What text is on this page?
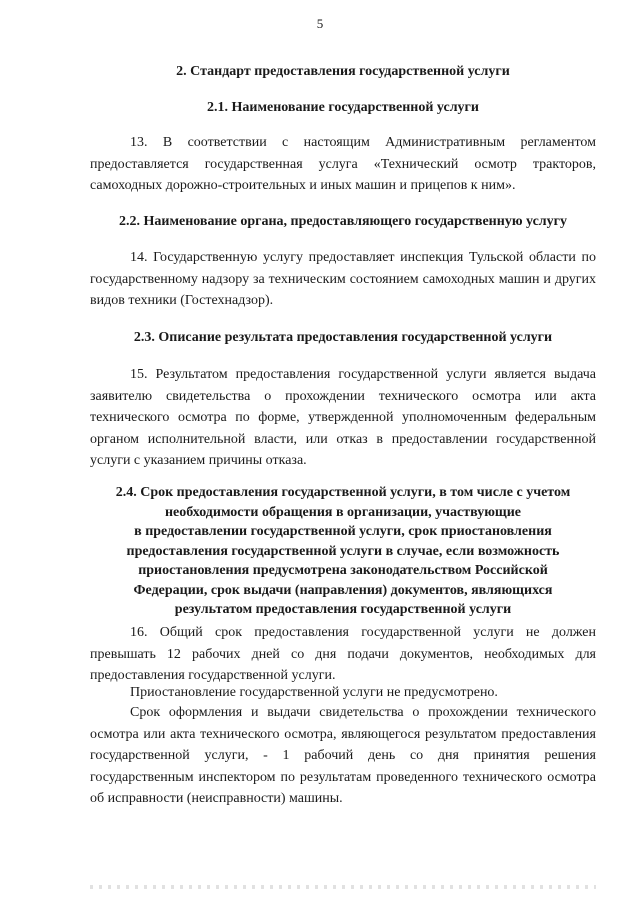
5
2. Стандарт предоставления государственной услуги
2.1. Наименование государственной услуги
13. В соответствии с настоящим Административным регламентом предоставляется государственная услуга «Технический осмотр тракторов, самоходных дорожно-строительных и иных машин и прицепов к ним».
2.2. Наименование органа, предоставляющего государственную услугу
14. Государственную услугу предоставляет инспекция Тульской области по государственному надзору за техническим состоянием самоходных машин и других видов техники (Гостехнадзор).
2.3. Описание результата предоставления государственной услуги
15. Результатом предоставления государственной услуги является выдача заявителю свидетельства о прохождении технического осмотра или акта технического осмотра по форме, утвержденной уполномоченным федеральным органом исполнительной власти, или отказ в предоставлении государственной услуги с указанием причины отказа.
2.4. Срок предоставления государственной услуги, в том числе с учетом
необходимости обращения в организации, участвующие
в предоставлении государственной услуги, срок приостановления
предоставления государственной услуги в случае, если возможность
приостановления предусмотрена законодательством Российской
Федерации, срок выдачи (направления) документов, являющихся
результатом предоставления государственной услуги
16. Общий срок предоставления государственной услуги не должен превышать 12 рабочих дней со дня подачи документов, необходимых для предоставления государственной услуги.
Приостановление государственной услуги не предусмотрено.
Срок оформления и выдачи свидетельства о прохождении технического осмотра или акта технического осмотра, являющегося результатом предоставления государственной услуги, - 1 рабочий день со дня принятия решения государственным инспектором по результатам проведенного технического осмотра об исправности (неисправности) машины.
